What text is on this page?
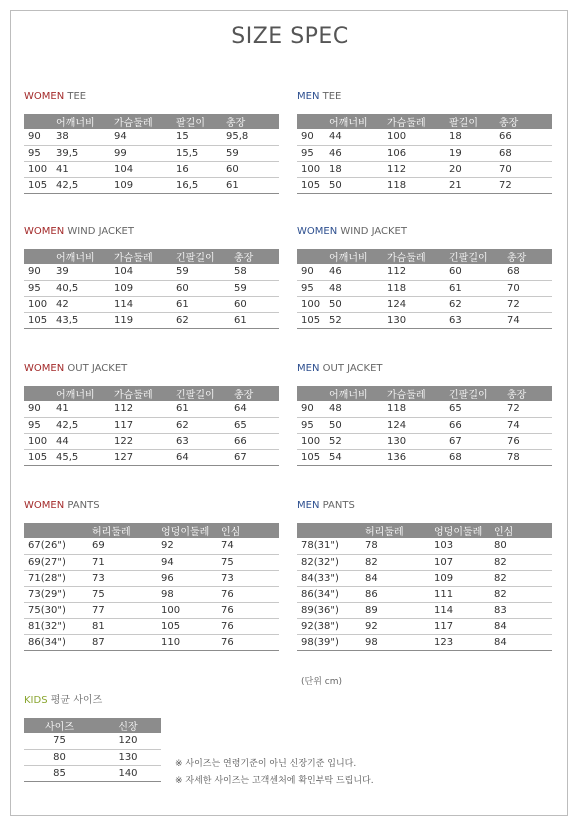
SIZE SPEC
WOMEN TEE
	어깨너비	가슴둘레	팔길이	총장
90	38	94	15	95,8
95	39,5	99	15,5	59
100	41	104	16	60
105	42,5	109	16,5	61
MEN TEE
	어깨너비	가슴둘레	팔길이	총장
90	44	100	18	66
95	46	106	19	68
100	18	112	20	70
105	50	118	21	72
WOMEN WIND JACKET
	어깨너비	가슴둘레	긴팔길이	총장
90	39	104	59	58
95	40,5	109	60	59
100	42	114	61	60
105	43,5	119	62	61
WOMEN WIND JACKET
	어깨너비	가슴둘레	긴팔길이	총장
90	46	112	60	68
95	48	118	61	70
100	50	124	62	72
105	52	130	63	74
WOMEN OUT JACKET
	어깨너비	가슴둘레	긴팔길이	총장
90	41	112	61	64
95	42,5	117	62	65
100	44	122	63	66
105	45,5	127	64	67
MEN OUT JACKET
	어깨너비	가슴둘레	긴팔길이	총장
90	48	118	65	72
95	50	124	66	74
100	52	130	67	76
105	54	136	68	78
WOMEN PANTS
	허리둘레	엉덩이둘레	인심
67(26")	69	92	74
69(27")	71	94	75
71(28")	73	96	73
73(29")	75	98	76
75(30")	77	100	76
81(32")	81	105	76
86(34")	87	110	76
MEN PANTS
	허리둘레	엉덩이둘레	인심
78(31")	78	103	80
82(32")	82	107	82
84(33")	84	109	82
86(34")	86	111	82
89(36")	89	114	83
92(38")	92	117	84
98(39")	98	123	84
(단위 cm)
KIDS 평균 사이즈
사이즈	신장
75	120
80	130
85	140
※ 사이즈는 연령기준이 아닌 신장기준 입니다.
※ 자세한 사이즈는 고객센처에 확인부탁 드립니다.
